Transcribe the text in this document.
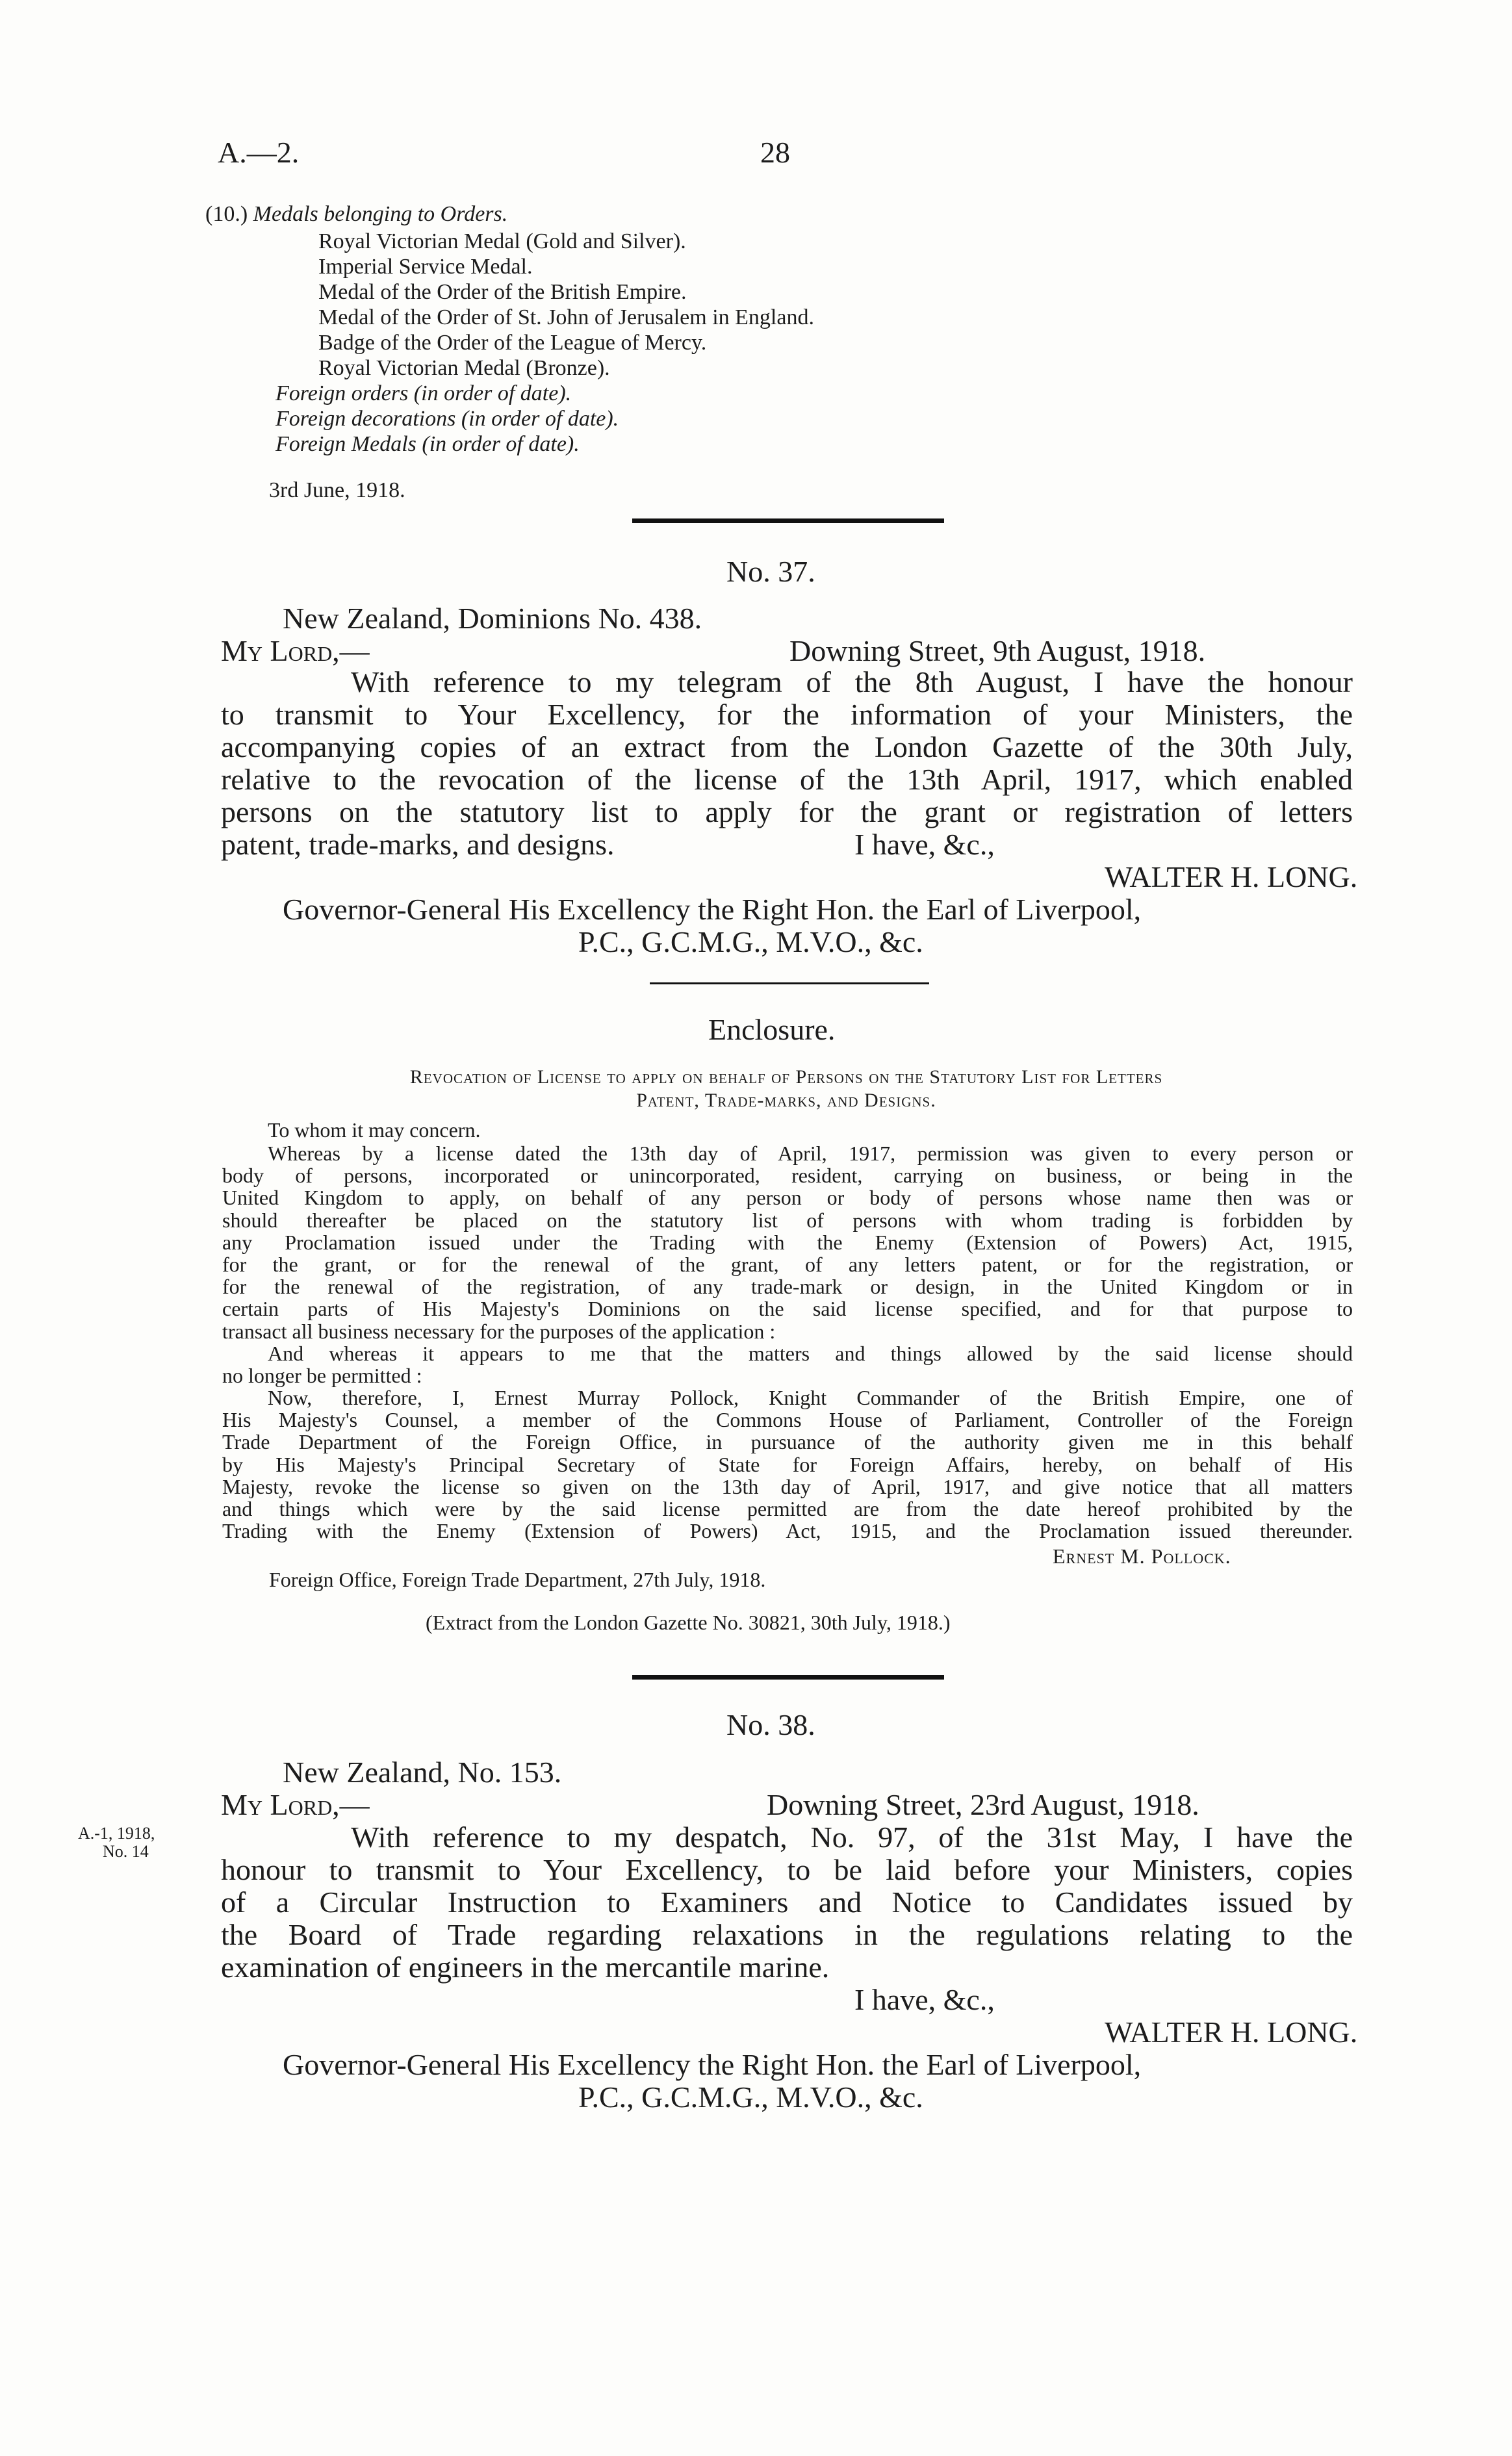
A.—2.	28
(10.) Medals belonging to Orders.
Royal Victorian Medal (Gold and Silver).
Imperial Service Medal.
Medal of the Order of the British Empire.
Medal of the Order of St. John of Jerusalem in England.
Badge of the Order of the League of Mercy.
Royal Victorian Medal (Bronze).
Foreign orders (in order of date).
Foreign decorations (in order of date).
Foreign Medals (in order of date).
3rd June, 1918.
No. 37.
New Zealand, Dominions No. 438.
My Lord,—	Downing Street, 9th August, 1918.
With reference to my telegram of the 8th August, I have the honour
to transmit to Your Excellency, for the information of your Ministers, the
accompanying copies of an extract from the London Gazette of the 30th July,
relative to the revocation of the license of the 13th April, 1917, which enabled
persons on the statutory list to apply for the grant or registration of letters
patent, trade-marks, and designs.	I have, &c.,
WALTER H. LONG.
Governor-General His Excellency the Right Hon. the Earl of Liverpool,
P.C., G.C.M.G., M.V.O., &c.
Enclosure.
Revocation of License to apply on behalf of Persons on the Statutory List for Letters
Patent, Trade-marks, and Designs.
To whom it may concern.
Whereas by a license dated the 13th day of April, 1917, permission was given to every person or
body of persons, incorporated or unincorporated, resident, carrying on business, or being in the
United Kingdom to apply, on behalf of any person or body of persons whose name then was or
should thereafter be placed on the statutory list of persons with whom trading is forbidden by
any Proclamation issued under the Trading with the Enemy (Extension of Powers) Act, 1915,
for the grant, or for the renewal of the grant, of any letters patent, or for the registration, or
for the renewal of the registration, of any trade-mark or design, in the United Kingdom or in
certain parts of His Majesty's Dominions on the said license specified, and for that purpose to
transact all business necessary for the purposes of the application :
And whereas it appears to me that the matters and things allowed by the said license should
no longer be permitted :
Now, therefore, I, Ernest Murray Pollock, Knight Commander of the British Empire, one of
His Majesty's Counsel, a member of the Commons House of Parliament, Controller of the Foreign
Trade Department of the Foreign Office, in pursuance of the authority given me in this behalf
by His Majesty's Principal Secretary of State for Foreign Affairs, hereby, on behalf of His
Majesty, revoke the license so given on the 13th day of April, 1917, and give notice that all matters
and things which were by the said license permitted are from the date hereof prohibited by the
Trading with the Enemy (Extension of Powers) Act, 1915, and the Proclamation issued thereunder.
Ernest M. Pollock.
Foreign Office, Foreign Trade Department, 27th July, 1918.
(Extract from the London Gazette No. 30821, 30th July, 1918.)
No. 38.
New Zealand, No. 153.
My Lord,—	Downing Street, 23rd August, 1918.
A.-1, 1918,
No. 14	With reference to my despatch, No. 97, of the 31st May, I have the
honour to transmit to Your Excellency, to be laid before your Ministers, copies
of a Circular Instruction to Examiners and Notice to Candidates issued by
the Board of Trade regarding relaxations in the regulations relating to the
examination of engineers in the mercantile marine.
I have, &c.,
WALTER H. LONG.
Governor-General His Excellency the Right Hon. the Earl of Liverpool,
P.C., G.C.M.G., M.V.O., &c.
